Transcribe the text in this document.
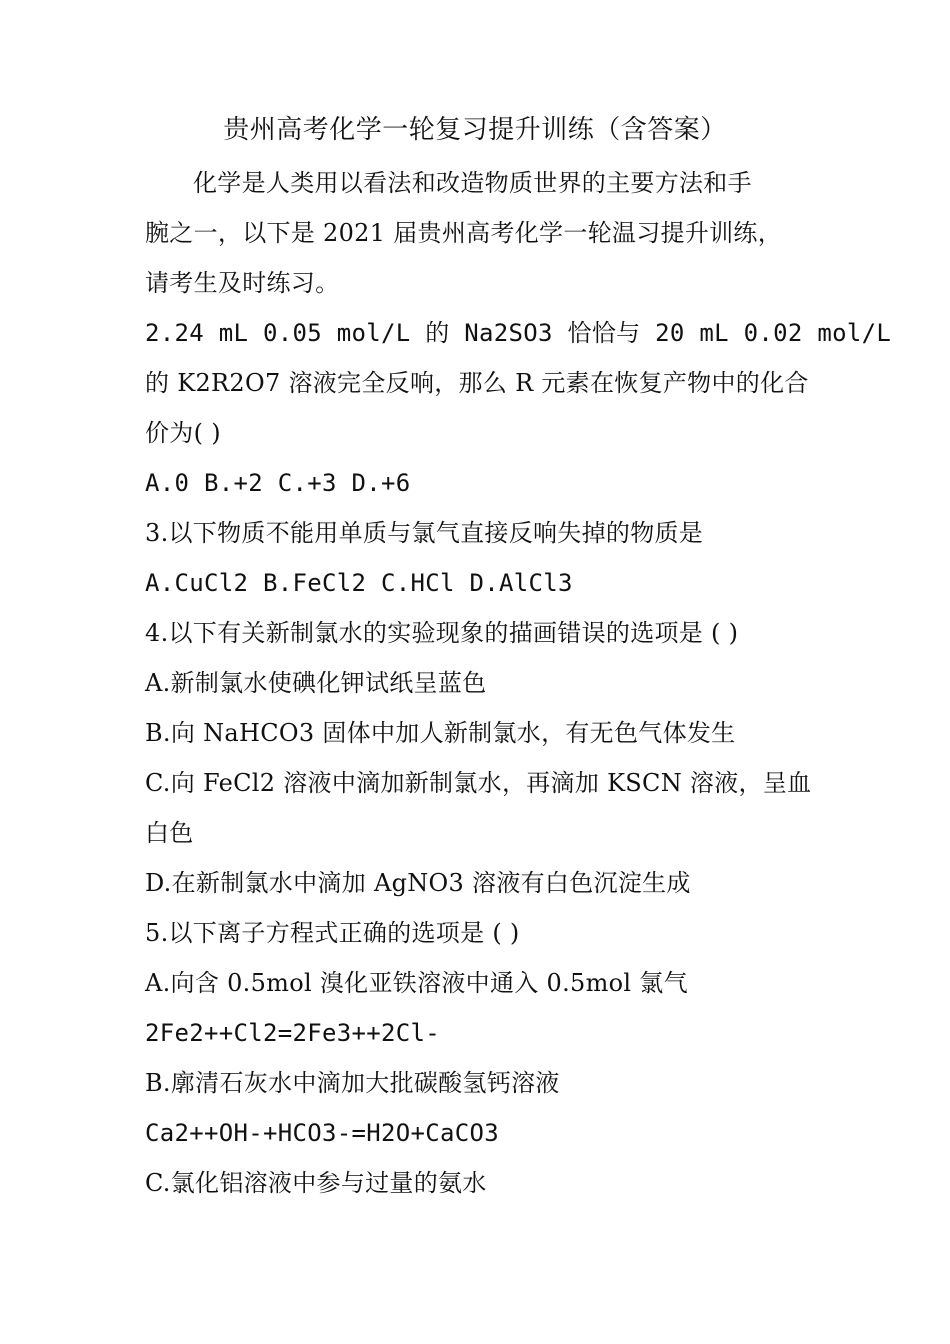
贵州高考化学一轮复习提升训练（含答案）
化学是人类用以看法和改造物质世界的主要方法和手
腕之一，以下是 2021 届贵州高考化学一轮温习提升训练，
请考生及时练习。
2.24 mL 0.05 mol/L 的 Na2SO3 恰恰与 20 mL 0.02 mol/L
的 K2R2O7 溶液完全反响，那么 R 元素在恢复产物中的化合
价为( )
A.0 B.+2 C.+3 D.+6
3.以下物质不能用单质与氯气直接反响失掉的物质是
A.CuCl2 B.FeCl2 C.HCl D.AlCl3
4.以下有关新制氯水的实验现象的描画错误的选项是 ( )
A.新制氯水使碘化钾试纸呈蓝色
B.向 NaHCO3 固体中加人新制氯水，有无色气体发生
C.向 FeCl2 溶液中滴加新制氯水，再滴加 KSCN 溶液，呈血
白色
D.在新制氯水中滴加 AgNO3 溶液有白色沉淀生成
5.以下离子方程式正确的选项是 ( )
A.向含 0.5mol 溴化亚铁溶液中通入 0.5mol 氯气
2Fe2++Cl2=2Fe3++2Cl-
B.廓清石灰水中滴加大批碳酸氢钙溶液
Ca2++OH-+HCO3-=H2O+CaCO3
C.氯化铝溶液中参与过量的氨水
